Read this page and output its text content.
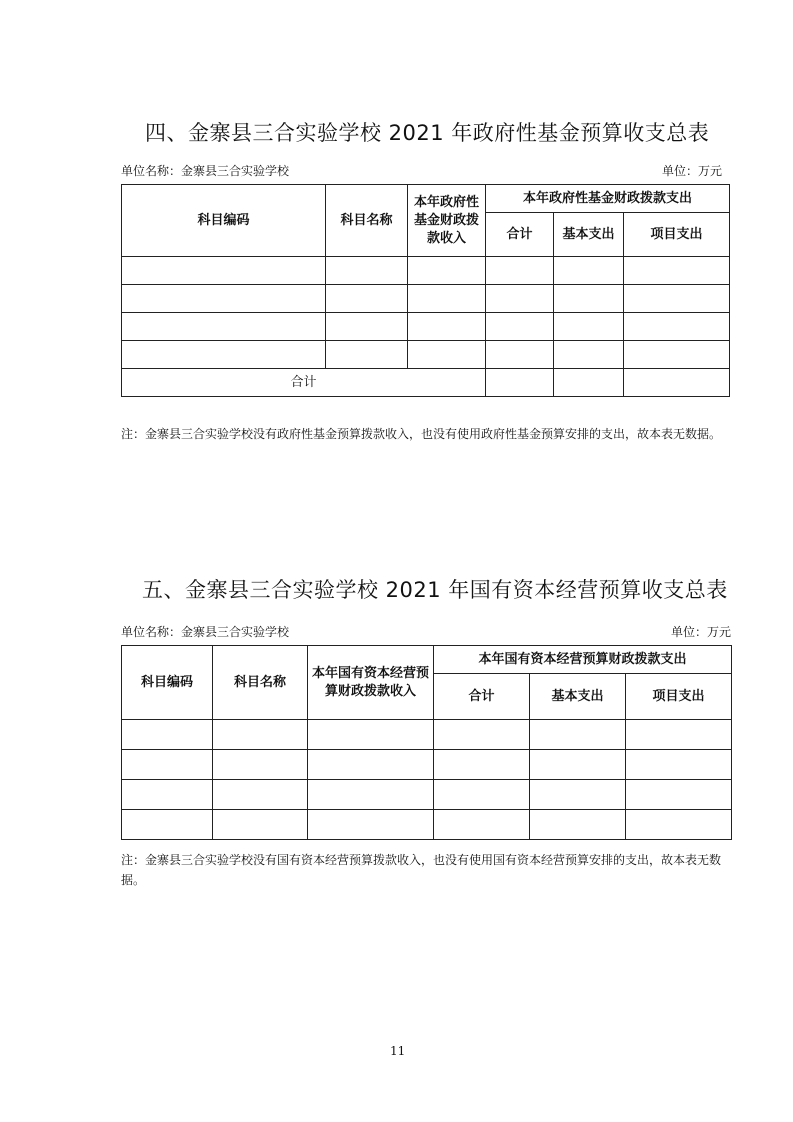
四、金寨县三合实验学校 2021 年政府性基金预算收支总表
单位名称：金寨县三合实验学校	单位：万元
科目编码	科目名称	本年政府性基金财政拨款收入	本年政府性基金财政拨款支出		
			合计	基本支出	项目支出

合计					
注：金寨县三合实验学校没有政府性基金预算拨款收入，也没有使用政府性基金预算安排的支出，故本表无数据。
五、金寨县三合实验学校 2021 年国有资本经营预算收支总表
单位名称：金寨县三合实验学校	单位：万元
科目编码	科目名称	本年国有资本经营预算财政拨款收入	本年国有资本经营预算财政拨款支出		
			合计	基本支出	项目支出

注：金寨县三合实验学校没有国有资本经营预算拨款收入，也没有使用国有资本经营预算安排的支出，故本表无数据。
11
